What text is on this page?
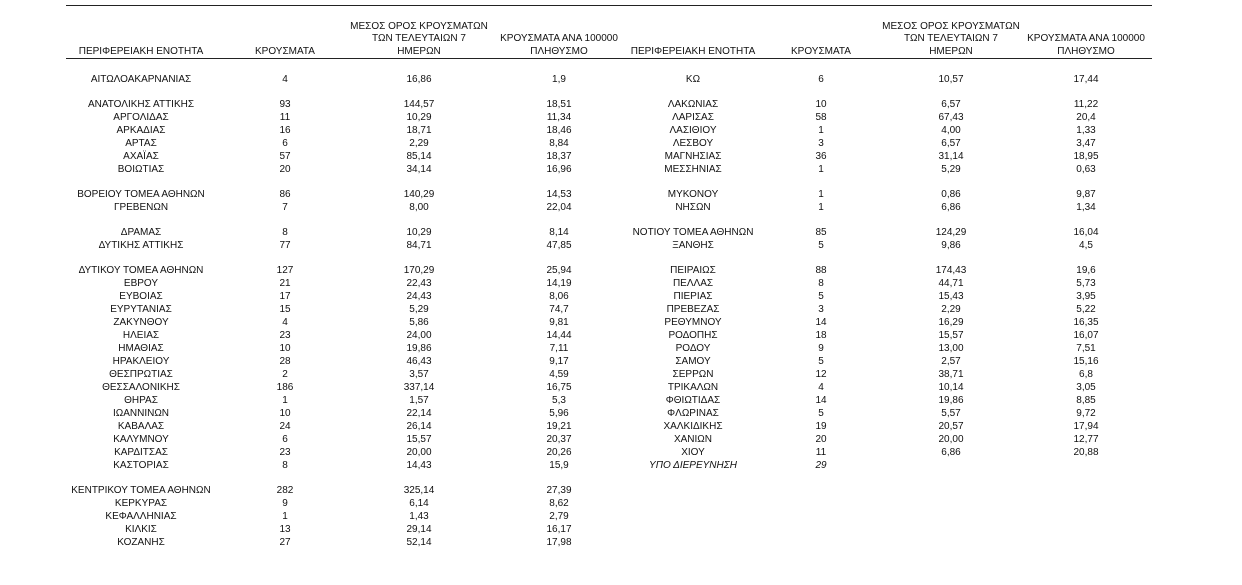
ΠΕΡΙΦΕΡΕΙΑΚΗ ΕΝΟΤΗΤΑ	ΚΡΟΥΣΜΑΤΑ
ΜΕΣΟΣ ΟΡΟΣ ΚΡΟΥΣΜΑΤΩΝ
ΤΩΝ ΤΕΛΕΥΤΑΙΩΝ 7
ΗΜΕΡΩΝ
ΚΡΟΥΣΜΑΤΑ ΑΝΑ 100000
ΠΛΗΘΥΣΜΟ
ΑΙΤΩΛΟΑΚΑΡΝΑΝΙΑΣ	4	16,86	1,9
ΑΝΑΤΟΛΙΚΗΣ ΑΤΤΙΚΗΣ	93	144,57	18,51
ΑΡΓΟΛΙΔΑΣ	11	10,29	11,34
ΑΡΚΑΔΙΑΣ	16	18,71	18,46
ΑΡΤΑΣ	6	2,29	8,84
ΑΧΑΪΑΣ	57	85,14	18,37
ΒΟΙΩΤΙΑΣ	20	34,14	16,96
ΒΟΡΕΙΟΥ ΤΟΜΕΑ ΑΘΗΝΩΝ	86	140,29	14,53
ΓΡΕΒΕΝΩΝ	7	8,00	22,04
ΔΡΑΜΑΣ	8	10,29	8,14
ΔΥΤΙΚΗΣ ΑΤΤΙΚΗΣ	77	84,71	47,85
ΔΥΤΙΚΟΥ ΤΟΜΕΑ ΑΘΗΝΩΝ	127	170,29	25,94
ΕΒΡΟΥ	21	22,43	14,19
ΕΥΒΟΙΑΣ	17	24,43	8,06
ΕΥΡΥΤΑΝΙΑΣ	15	5,29	74,7
ΖΑΚΥΝΘΟΥ	4	5,86	9,81
ΗΛΕΙΑΣ	23	24,00	14,44
ΗΜΑΘΙΑΣ	10	19,86	7,11
ΗΡΑΚΛΕΙΟΥ	28	46,43	9,17
ΘΕΣΠΡΩΤΙΑΣ	2	3,57	4,59
ΘΕΣΣΑΛΟΝΙΚΗΣ	186	337,14	16,75
ΘΗΡΑΣ	1	1,57	5,3
ΙΩΑΝΝΙΝΩΝ	10	22,14	5,96
ΚΑΒΑΛΑΣ	24	26,14	19,21
ΚΑΛΥΜΝΟΥ	6	15,57	20,37
ΚΑΡΔΙΤΣΑΣ	23	20,00	20,26
ΚΑΣΤΟΡΙΑΣ	8	14,43	15,9
ΚΕΝΤΡΙΚΟΥ ΤΟΜΕΑ ΑΘΗΝΩΝ	282	325,14	27,39
ΚΕΡΚΥΡΑΣ	9	6,14	8,62
ΚΕΦΑΛΛΗΝΙΑΣ	1	1,43	2,79
ΚΙΛΚΙΣ	13	29,14	16,17
ΚΟΖΑΝΗΣ	27	52,14	17,98
ΠΕΡΙΦΕΡΕΙΑΚΗ ΕΝΟΤΗΤΑ	ΚΡΟΥΣΜΑΤΑ
ΜΕΣΟΣ ΟΡΟΣ ΚΡΟΥΣΜΑΤΩΝ
ΤΩΝ ΤΕΛΕΥΤΑΙΩΝ 7
ΗΜΕΡΩΝ
ΚΡΟΥΣΜΑΤΑ ΑΝΑ 100000
ΠΛΗΘΥΣΜΟ
ΚΩ	6	10,57	17,44
ΛΑΚΩΝΙΑΣ	10	6,57	11,22
ΛΑΡΙΣΑΣ	58	67,43	20,4
ΛΑΣΙΘΙΟΥ	1	4,00	1,33
ΛΕΣΒΟΥ	3	6,57	3,47
ΜΑΓΝΗΣΙΑΣ	36	31,14	18,95
ΜΕΣΣΗΝΙΑΣ	1	5,29	0,63
ΜΥΚΟΝΟΥ	1	0,86	9,87
ΝΗΣΩΝ	1	6,86	1,34
ΝΟΤΙΟΥ ΤΟΜΕΑ ΑΘΗΝΩΝ	85	124,29	16,04
ΞΑΝΘΗΣ	5	9,86	4,5
ΠΕΙΡΑΙΩΣ	88	174,43	19,6
ΠΕΛΛΑΣ	8	44,71	5,73
ΠΙΕΡΙΑΣ	5	15,43	3,95
ΠΡΕΒΕΖΑΣ	3	2,29	5,22
ΡΕΘΥΜΝΟΥ	14	16,29	16,35
ΡΟΔΟΠΗΣ	18	15,57	16,07
ΡΟΔΟΥ	9	13,00	7,51
ΣΑΜΟΥ	5	2,57	15,16
ΣΕΡΡΩΝ	12	38,71	6,8
ΤΡΙΚΑΛΩΝ	4	10,14	3,05
ΦΘΙΩΤΙΔΑΣ	14	19,86	8,85
ΦΛΩΡΙΝΑΣ	5	5,57	9,72
ΧΑΛΚΙΔΙΚΗΣ	19	20,57	17,94
ΧΑΝΙΩΝ	20	20,00	12,77
ΧΙΟΥ	11	6,86	20,88
ΥΠΟ ΔΙΕΡΕΥΝΗΣΗ	29
